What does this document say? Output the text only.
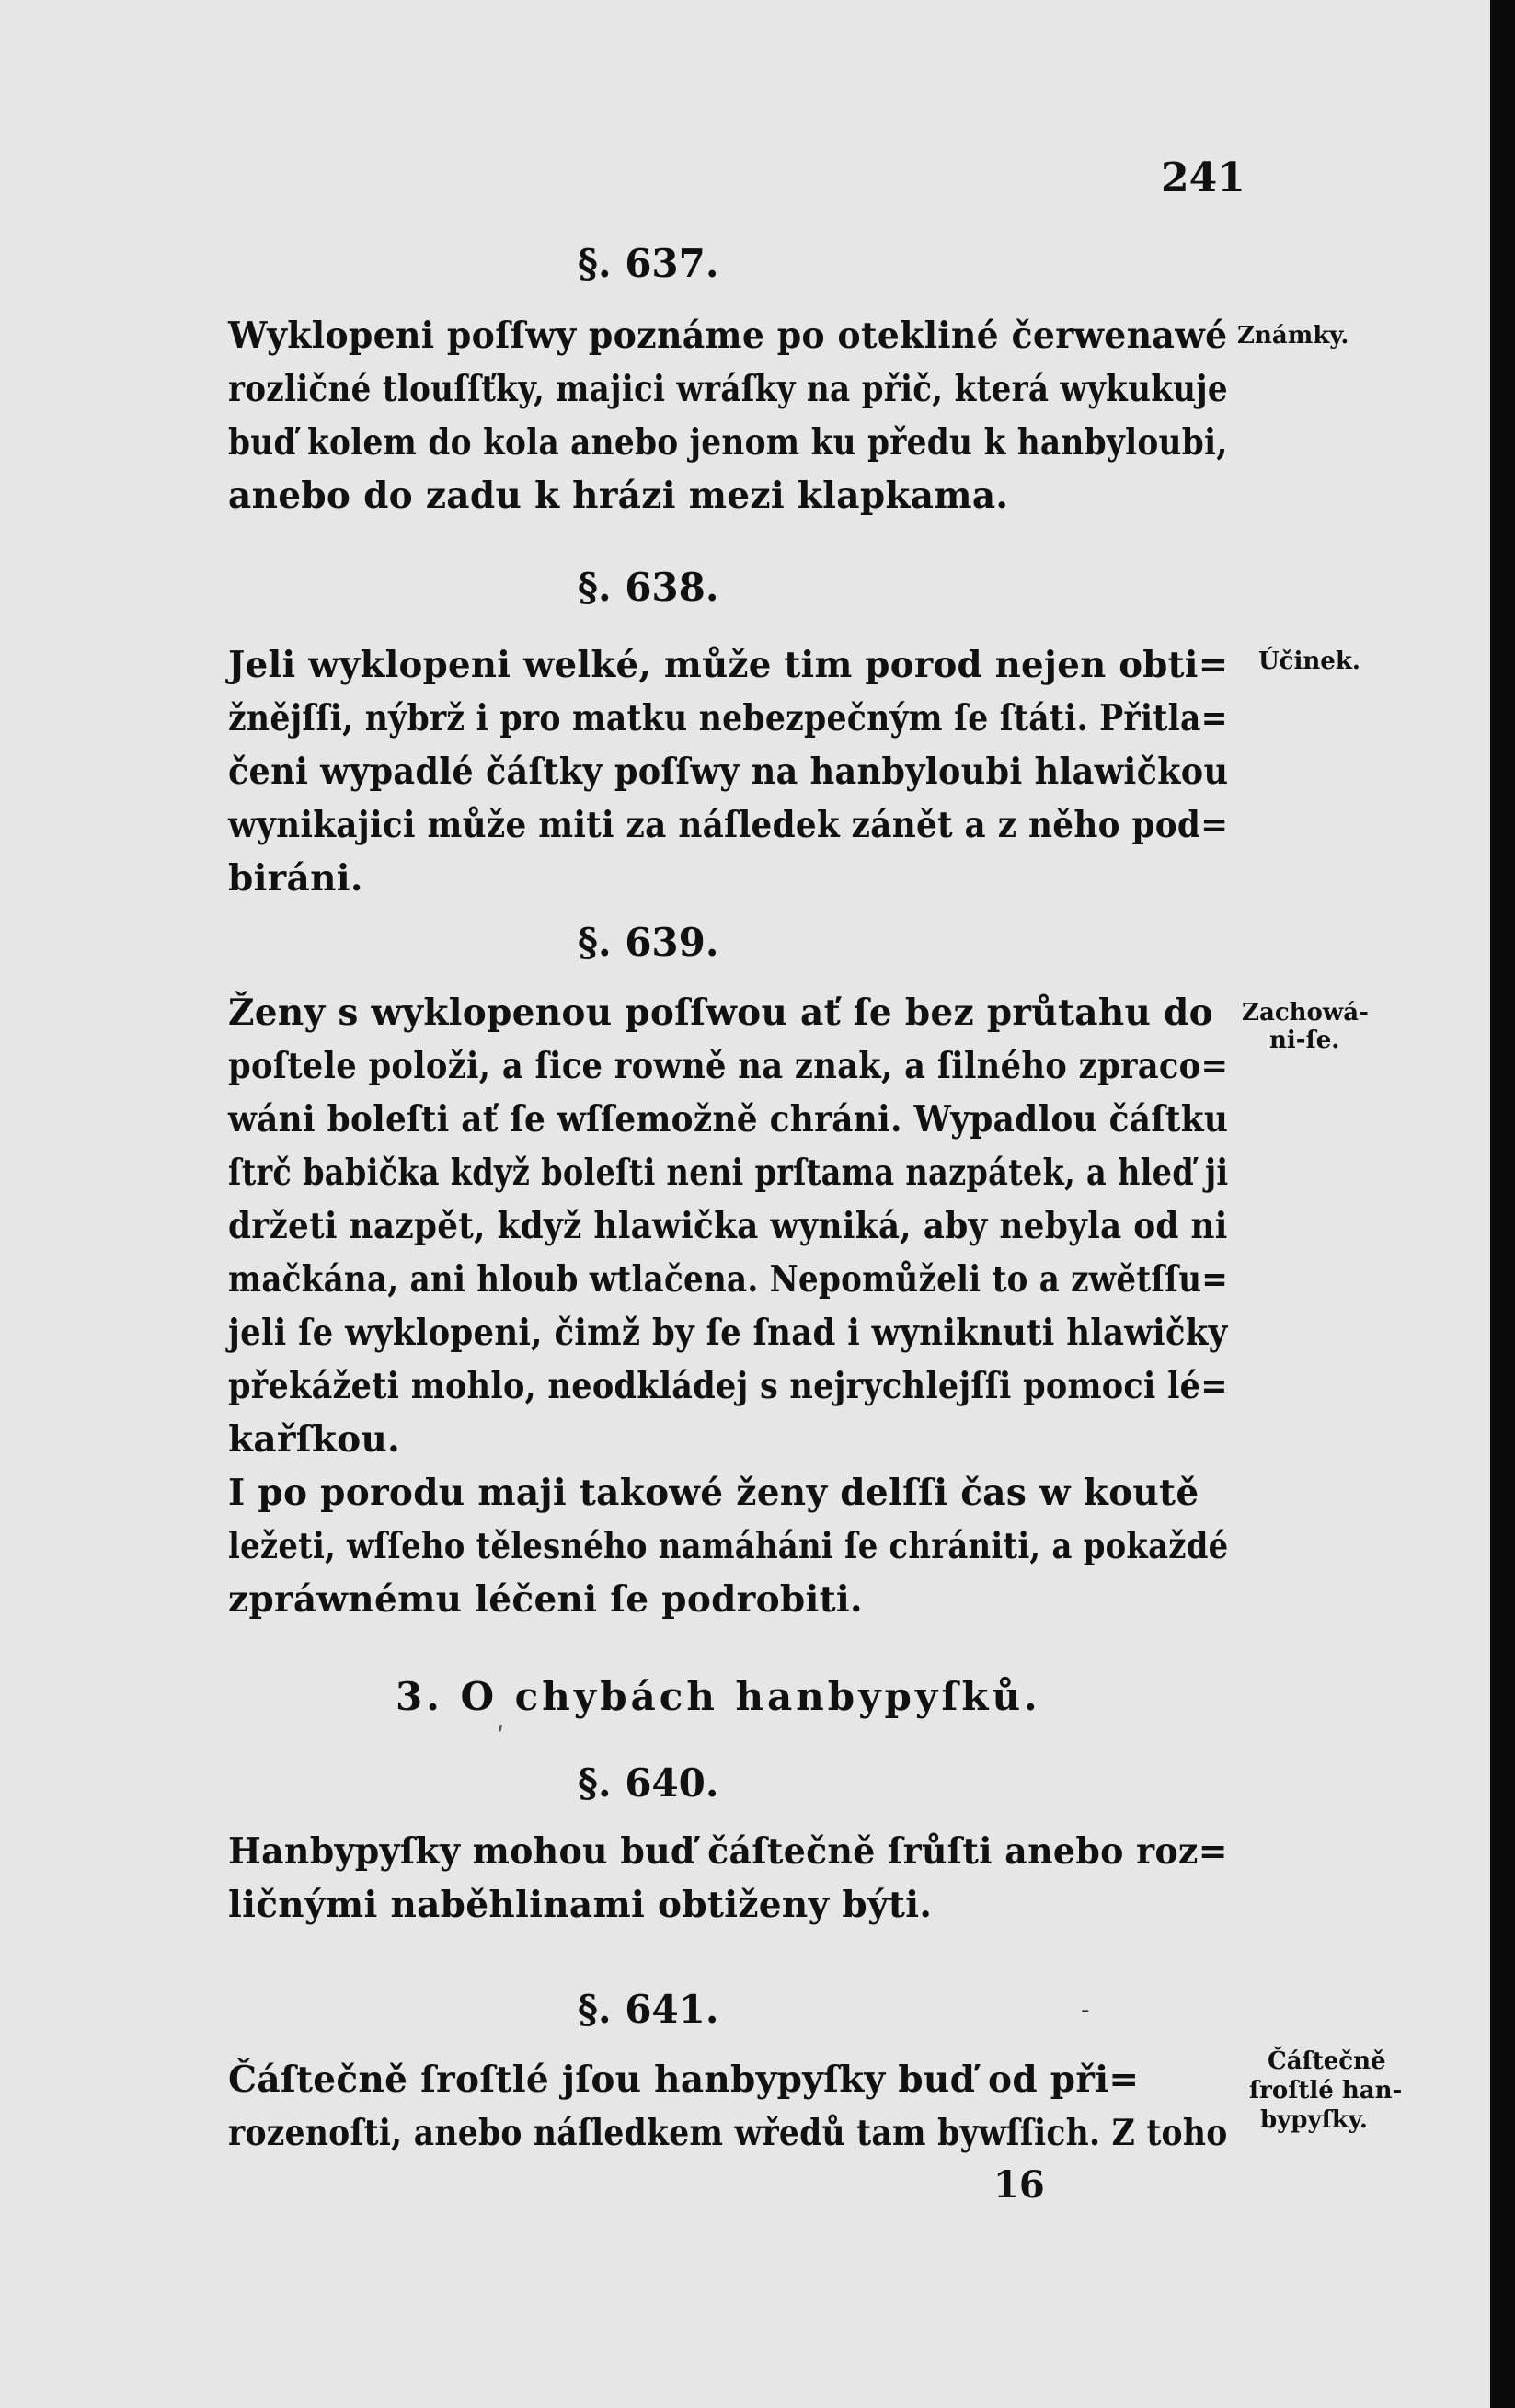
241
§. 637.
Wyklopeni poſſwy poznáme po otekliné čerwenawé
rozličné tlouſſťky, majici wráſky na přič, která wykukuje
buď kolem do kola anebo jenom ku předu k hanbyloubi,
anebo do zadu k hrázi mezi klapkama.
Známky.
§. 638.
Jeli wyklopeni welké, může tim porod nejen obti=
žnějſſi, nýbrž i pro matku nebezpečným ſe ſtáti. Přitla=
čeni wypadlé čáſtky poſſwy na hanbyloubi hlawičkou
wynikajici může miti za náſledek zánět a z něho pod=
biráni.
Účinek.
§. 639.
Ženy s wyklopenou poſſwou ať ſe bez průtahu do
poſtele položi, a ſice rowně na znak, a ſilného zpraco=
wáni boleſti ať ſe wſſemožně chráni. Wypadlou čáſtku
ſtrč babička když boleſti neni prſtama nazpátek, a hleď ji
držeti nazpět, když hlawička wyniká, aby nebyla od ni
mačkána, ani hloub wtlačena. Nepomůželi to a zwětſſu=
jeli ſe wyklopeni, čimž by ſe ſnad i wyniknuti hlawičky
překážeti mohlo, neodkládej s nejrychlejſſi pomoci lé=
kařſkou.
I po porodu maji takowé ženy delſſi čas w koutě
ležeti, wſſeho tělesného namáháni ſe chrániti, a pokaždé
zpráwnému léčeni ſe podrobiti.
Zachowá-
ni-ſe.
3. O chybách hanbypyſků.
ʹ
§. 640.
Hanbypyſky mohou buď čáſtečně ſrůſti anebo roz=
ličnými naběhlinami obtiženy býti.
§. 641.	-
Čáſtečně ſroſtlé jſou hanbypyſky buď od při=
rozenoſti, anebo náſledkem wředů tam bywſſich. Z toho
Čáſtečně
ſroſtlé han-
bypyſky.
16
